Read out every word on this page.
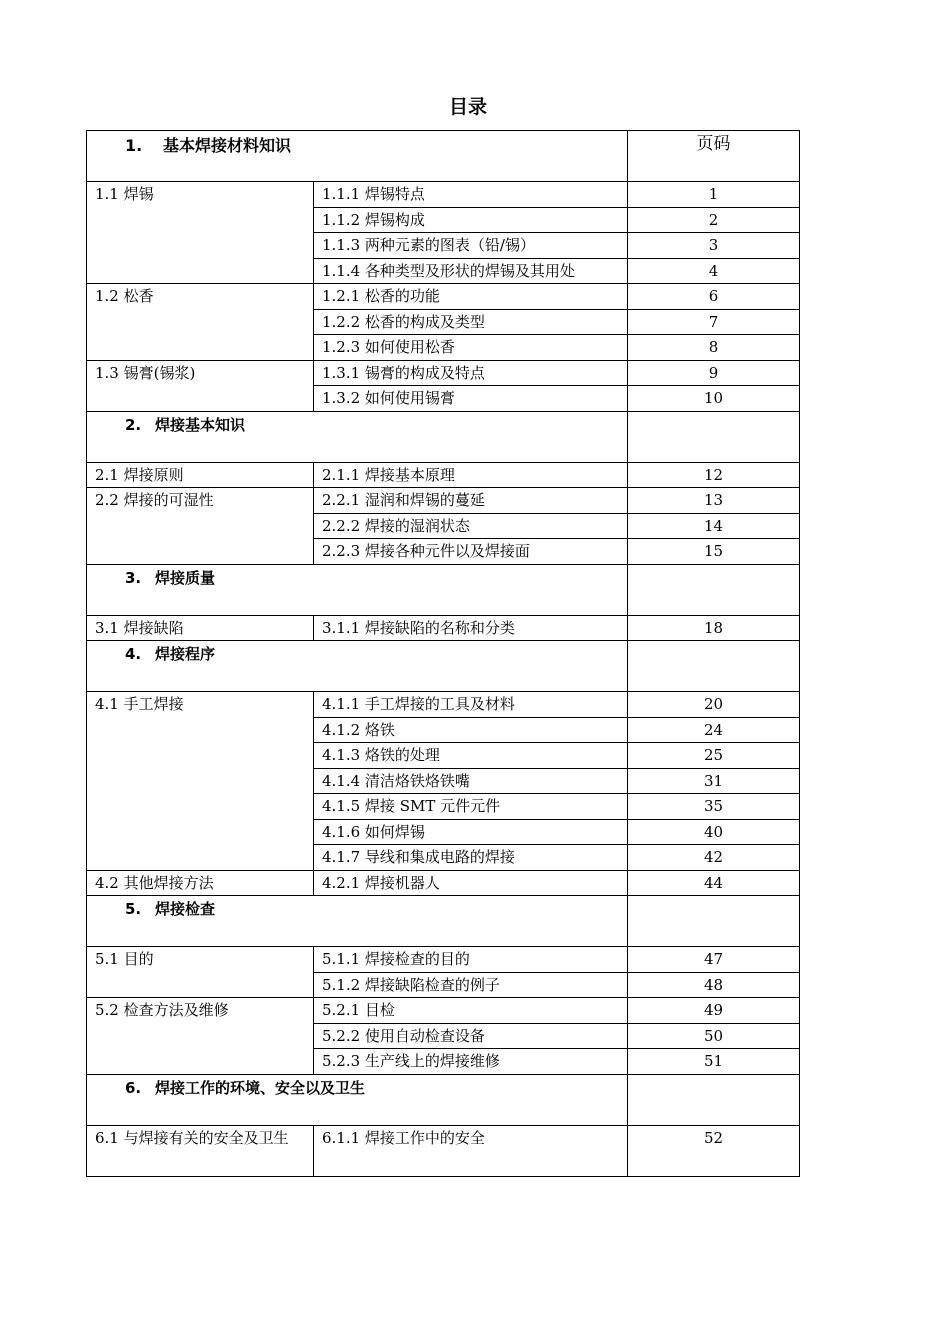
目录
1. 基本焊接材料知识		页码
1.1 焊锡	1.1.1 焊锡特点	1
	1.1.2 焊锡构成	2
	1.1.3 两种元素的图表（铅/锡）	3
	1.1.4 各种类型及形状的焊锡及其用处	4
1.2 松香	1.2.1 松香的功能	6
	1.2.2 松香的构成及类型	7
	1.2.3 如何使用松香	8
1.3 锡膏(锡浆)	1.3.1 锡膏的构成及特点	9
	1.3.2 如何使用锡膏	10
2. 焊接基本知识		
2.1 焊接原则	2.1.1 焊接基本原理	12
2.2 焊接的可湿性	2.2.1 湿润和焊锡的蔓延	13
	2.2.2 焊接的湿润状态	14
	2.2.3 焊接各种元件以及焊接面	15
3. 焊接质量		
3.1 焊接缺陷	3.1.1 焊接缺陷的名称和分类	18
4. 焊接程序		
4.1 手工焊接	4.1.1 手工焊接的工具及材料	20
	4.1.2 烙铁	24
	4.1.3 烙铁的处理	25
	4.1.4 清洁烙铁烙铁嘴	31
	4.1.5 焊接 SMT 元件元件	35
	4.1.6 如何焊锡	40
	4.1.7 导线和集成电路的焊接	42
4.2 其他焊接方法	4.2.1 焊接机器人	44
5. 焊接检查		
5.1 目的	5.1.1 焊接检查的目的	47
	5.1.2 焊接缺陷检查的例子	48
5.2 检查方法及维修	5.2.1 目检	49
	5.2.2 使用自动检查设备	50
	5.2.3 生产线上的焊接维修	51
6. 焊接工作的环境、安全以及卫生		
6.1 与焊接有关的安全及卫生	6.1.1 焊接工作中的安全	52
